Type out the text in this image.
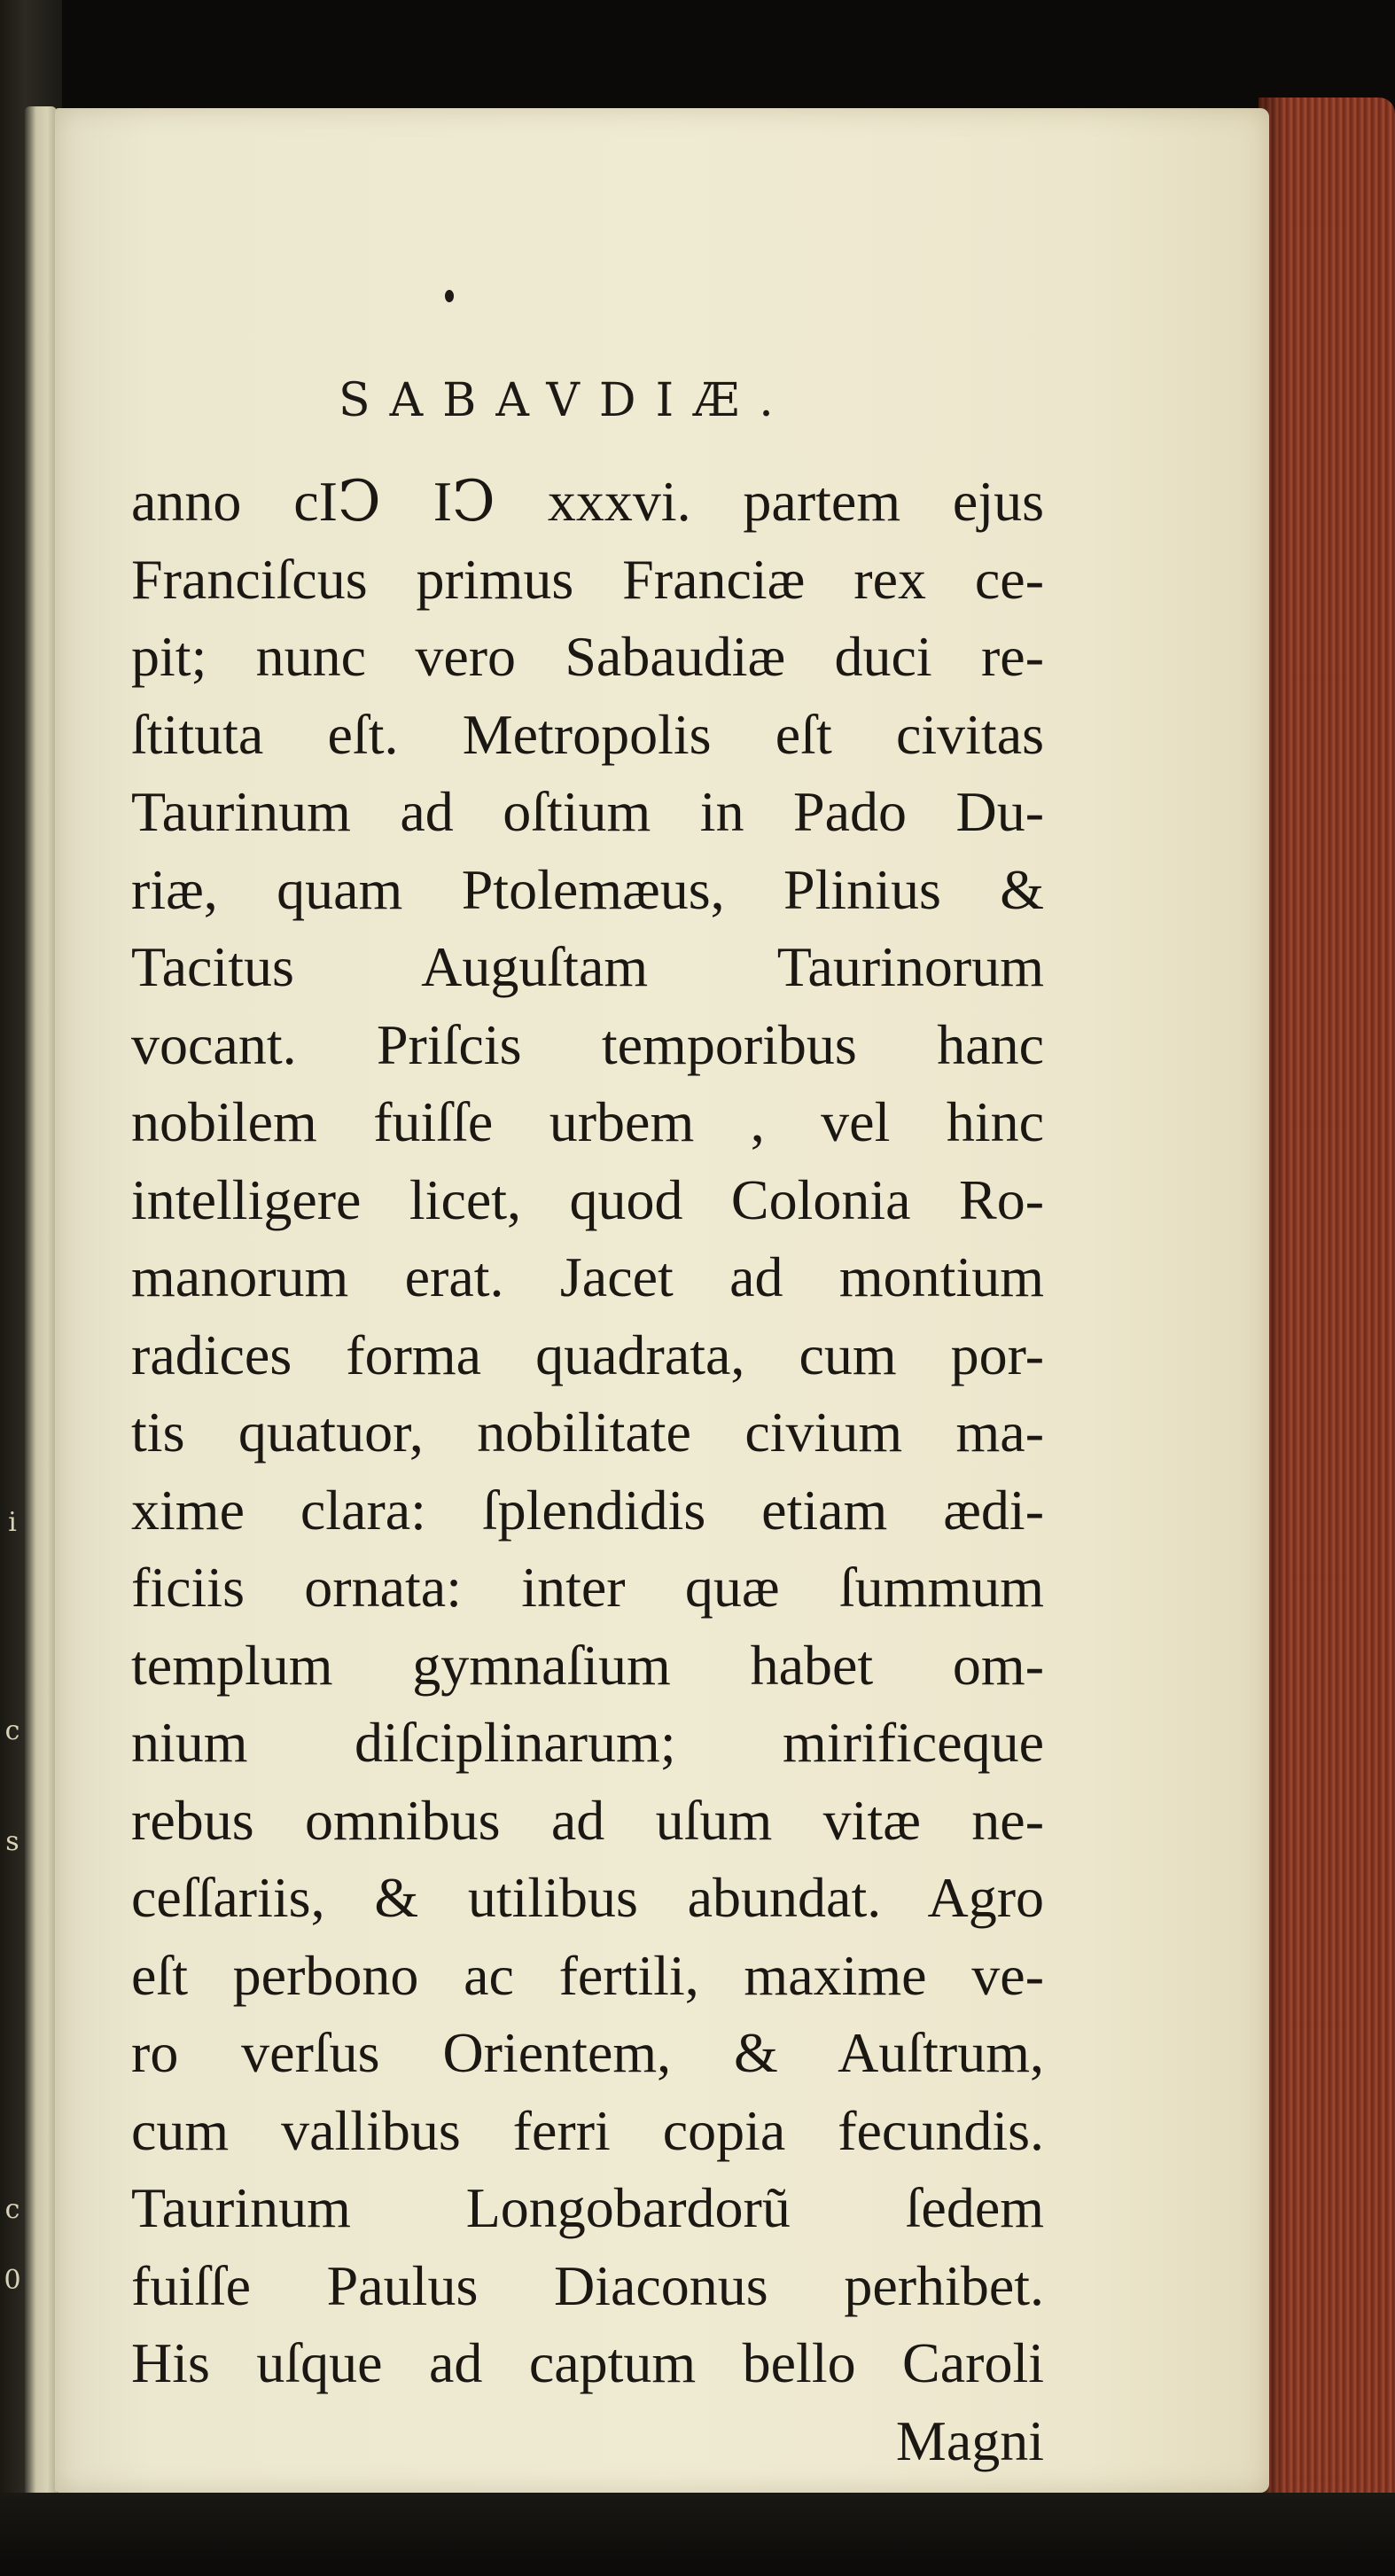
c
i
s
c
0
SABAVDIÆ.
anno cIↃ IↃ xxxvi. partem ejus
Franciſcus primus Franciæ rex ce-
pit; nunc vero Sabaudiæ duci re-
ſtituta eſt. Metropolis eſt civitas
Taurinum ad oſtium in Pado Du-
riæ, quam Ptolemæus, Plinius &
Tacitus Auguſtam Taurinorum
vocant. Priſcis temporibus hanc
nobilem fuiſſe urbem , vel hinc
intelligere licet, quod Colonia Ro-
manorum erat. Jacet ad montium
radices forma quadrata, cum por-
tis quatuor, nobilitate civium ma-
xime clara: ſplendidis etiam ædi-
ficiis ornata: inter quæ ſummum
templum gymnaſium habet om-
nium diſciplinarum; mirificeque
rebus omnibus ad uſum vitæ ne-
ceſſariis, & utilibus abundat. Agro
eſt perbono ac fertili, maxime ve-
ro verſus Orientem, & Auſtrum,
cum vallibus ferri copia fecundis.
Taurinum Longobardorũ ſedem
fuiſſe Paulus Diaconus perhibet.
His uſque ad captum bello Caroli
Magni
